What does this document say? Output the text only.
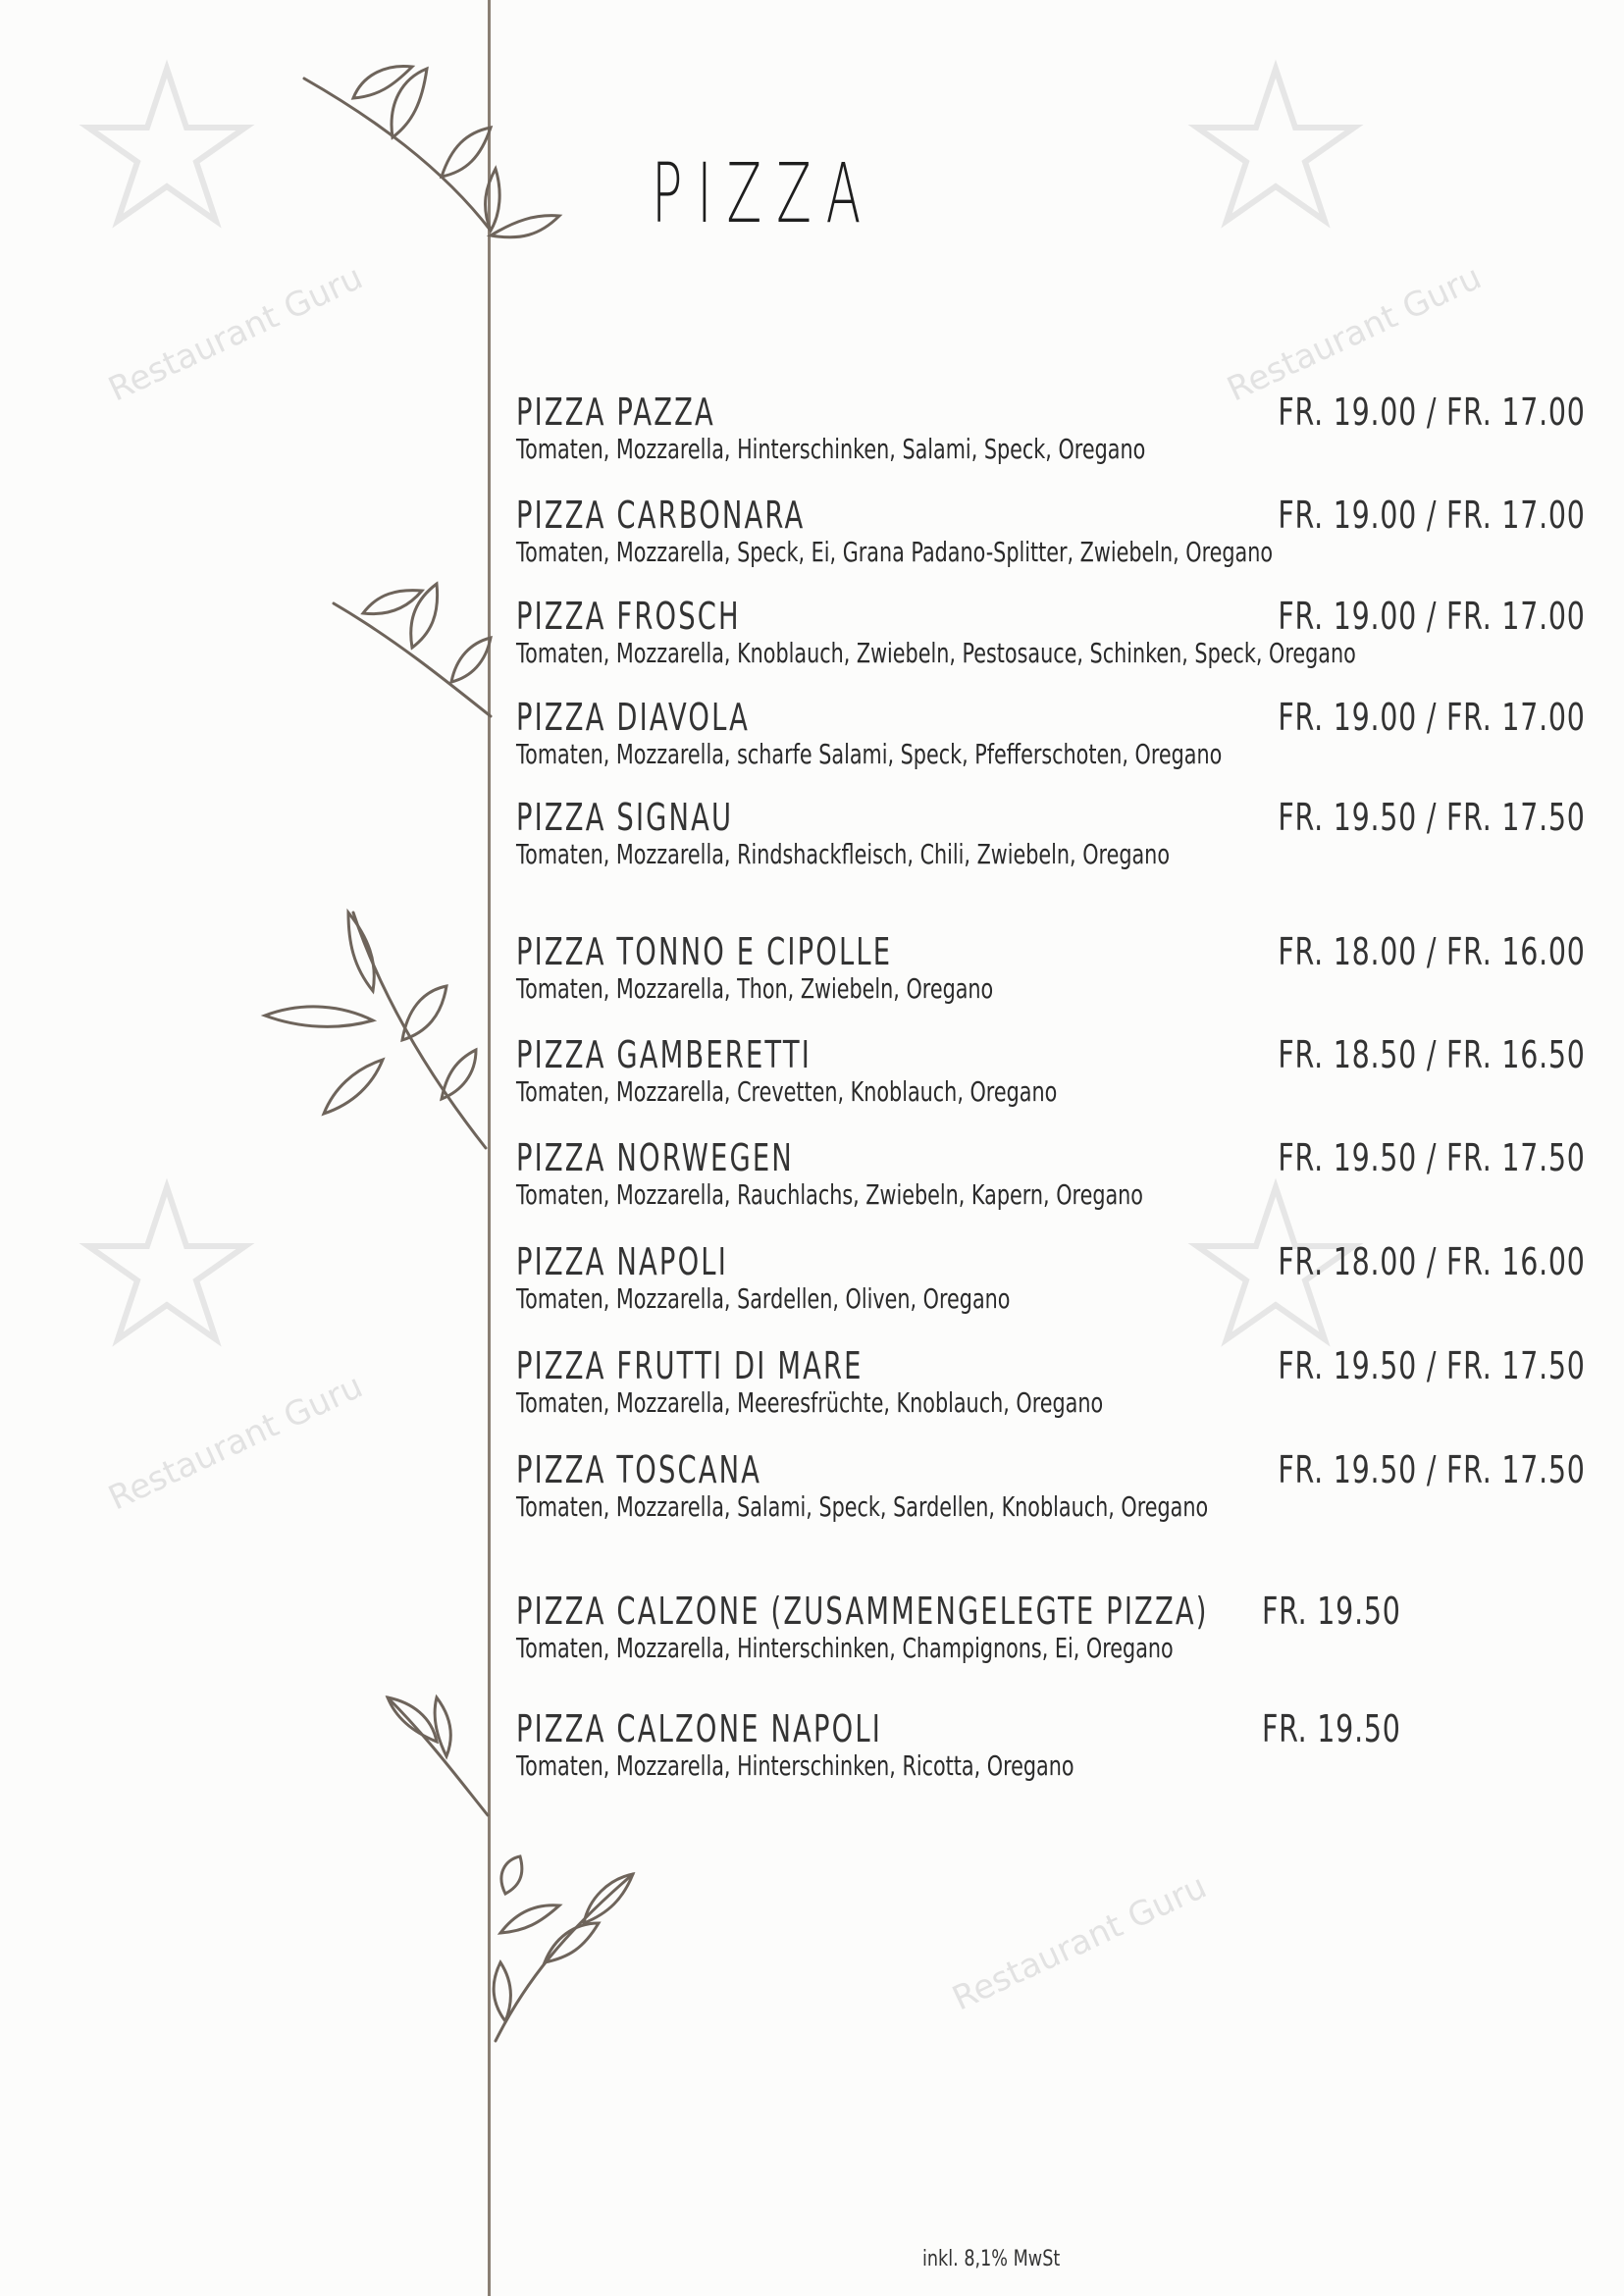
Restaurant Guru	Restaurant Guru
Restaurant Guru
Restaurant Guru
PIZZA
PIZZA PAZZA	FR. 19.00 / FR. 17.00
Tomaten, Mozzarella, Hinterschinken, Salami, Speck, Oregano
PIZZA CARBONARA	FR. 19.00 / FR. 17.00
Tomaten, Mozzarella, Speck, Ei, Grana Padano-Splitter, Zwiebeln, Oregano
PIZZA FROSCH	FR. 19.00 / FR. 17.00
Tomaten, Mozzarella, Knoblauch, Zwiebeln, Pestosauce, Schinken, Speck, Oregano
PIZZA DIAVOLA	FR. 19.00 / FR. 17.00
Tomaten, Mozzarella, scharfe Salami, Speck, Pfefferschoten, Oregano
PIZZA SIGNAU	FR. 19.50 / FR. 17.50
Tomaten, Mozzarella, Rindshackfleisch, Chili, Zwiebeln, Oregano
PIZZA TONNO E CIPOLLE	FR. 18.00 / FR. 16.00
Tomaten, Mozzarella, Thon, Zwiebeln, Oregano
PIZZA GAMBERETTI	FR. 18.50 / FR. 16.50
Tomaten, Mozzarella, Crevetten, Knoblauch, Oregano
PIZZA NORWEGEN	FR. 19.50 / FR. 17.50
Tomaten, Mozzarella, Rauchlachs, Zwiebeln, Kapern, Oregano
PIZZA NAPOLI	FR. 18.00 / FR. 16.00
Tomaten, Mozzarella, Sardellen, Oliven, Oregano
PIZZA FRUTTI DI MARE	FR. 19.50 / FR. 17.50
Tomaten, Mozzarella, Meeresfrüchte, Knoblauch, Oregano
PIZZA TOSCANA	FR. 19.50 / FR. 17.50
Tomaten, Mozzarella, Salami, Speck, Sardellen, Knoblauch, Oregano
PIZZA CALZONE (ZUSAMMENGELEGTE PIZZA) FR. 19.50
Tomaten, Mozzarella, Hinterschinken, Champignons, Ei, Oregano
PIZZA CALZONE NAPOLI	FR. 19.50
Tomaten, Mozzarella, Hinterschinken, Ricotta, Oregano
inkl. 8,1% MwSt
